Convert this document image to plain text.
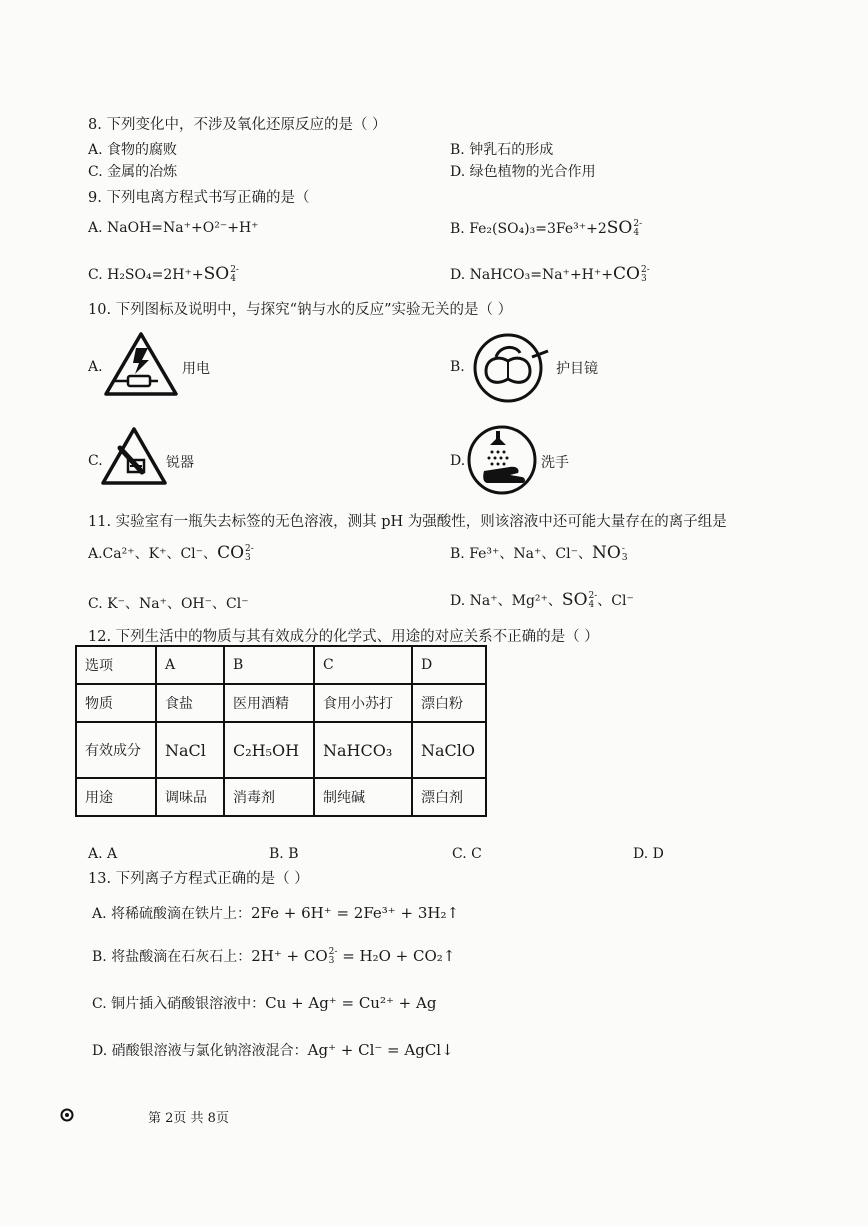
8. 下列变化中，不涉及氧化还原反应的是（ ）
A. 食物的腐败	B. 钟乳石的形成
C. 金属的冶炼	D. 绿色植物的光合作用
9. 下列电离方程式书写正确的是（
A. NaOH=Na⁺+O²⁻+H⁺	B. Fe₂(SO₄)₃=3Fe³⁺+2SO 2-
4
C. H₂SO₄=2H⁺+SO 2-
4	D. NaHCO₃=Na⁺+H⁺+CO 2-
3
10. 下列图标及说明中，与探究“钠与水的反应”实验无关的是（ ）
A.	用电	B.	护目镜
C.	锐器	D.	洗手
11. 实验室有一瓶失去标签的无色溶液，测其 pH 为强酸性，则该溶液中还可能大量存在的离子组是
A.Ca²⁺、K⁺、Cl⁻、CO 2-
3	B. Fe³⁺、Na⁺、Cl⁻、NO -
3
C. K⁻、Na⁺、OH⁻、Cl⁻	D. Na⁺、Mg²⁺、SO 2-
4 、Cl⁻
12. 下列生活中的物质与其有效成分的化学式、用途的对应关系不正确的是（ ）
选项	A	B	C	D
物质	食盐	医用酒精	食用小苏打	漂白粉
有效成分	NaCl	C₂H₅OH	NaHCO₃	NaClO
用途	调味品	消毒剂	制纯碱	漂白剂
A. A	B. B	C. C	D. D
13. 下列离子方程式正确的是（ ）
A. 将稀硫酸滴在铁片上：2Fe + 6H⁺ = 2Fe³⁺ + 3H₂↑
B. 将盐酸滴在石灰石上：2H⁺ + CO 2-
3 = H₂O + CO₂↑
C. 铜片插入硝酸银溶液中：Cu + Ag⁺ = Cu²⁺ + Ag
D. 硝酸银溶液与氯化钠溶液混合：Ag⁺ + Cl⁻ = AgCl↓
第 2页 共 8页
